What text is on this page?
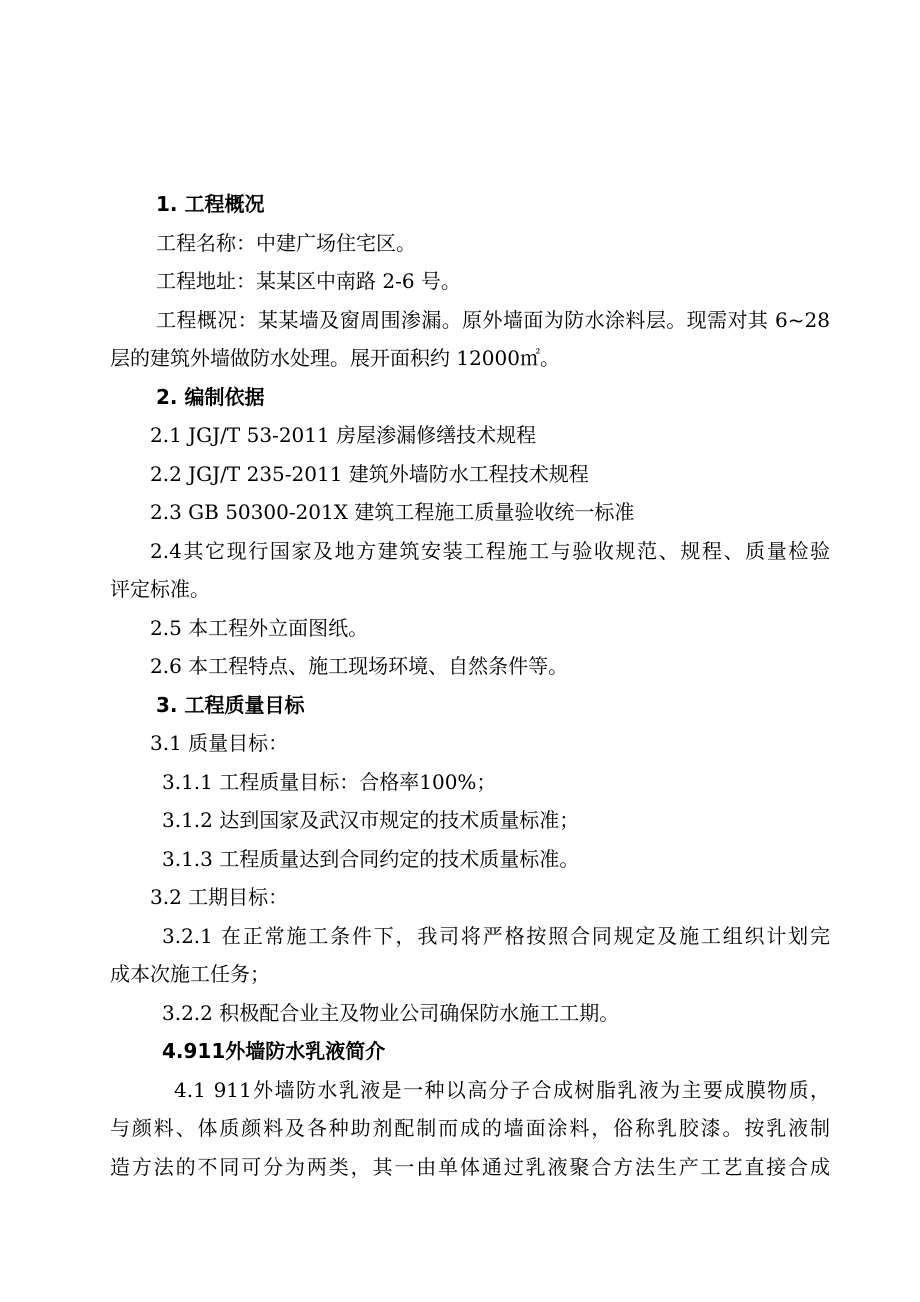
1. 工程概况
工程名称：中建广场住宅区。
工程地址：某某区中南路 2-6 号。
工程概况：某某墙及窗周围渗漏。原外墙面为防水涂料层。现需对其 6~28
层的建筑外墙做防水处理。展开面积约 12000㎡。
2. 编制依据
2.1 JGJ/T 53-2011 房屋渗漏修缮技术规程
2.2 JGJ/T 235-2011 建筑外墙防水工程技术规程
2.3 GB 50300-201X 建筑工程施工质量验收统一标准
2.4其它现行国家及地方建筑安装工程施工与验收规范、规程、质量检验
评定标准。
2.5 本工程外立面图纸。
2.6 本工程特点、施工现场环境、自然条件等。
3. 工程质量目标
3.1 质量目标：
3.1.1 工程质量目标：合格率100%；
3.1.2 达到国家及武汉市规定的技术质量标准；
3.1.3 工程质量达到合同约定的技术质量标准。
3.2 工期目标：
3.2.1 在正常施工条件下，我司将严格按照合同规定及施工组织计划完
成本次施工任务；
3.2.2 积极配合业主及物业公司确保防水施工工期。
4.911外墙防水乳液简介
4.1 911外墙防水乳液是一种以高分子合成树脂乳液为主要成膜物质，
与颜料、体质颜料及各种助剂配制而成的墙面涂料，俗称乳胶漆。按乳液制
造方法的不同可分为两类，其一由单体通过乳液聚合方法生产工艺直接合成
